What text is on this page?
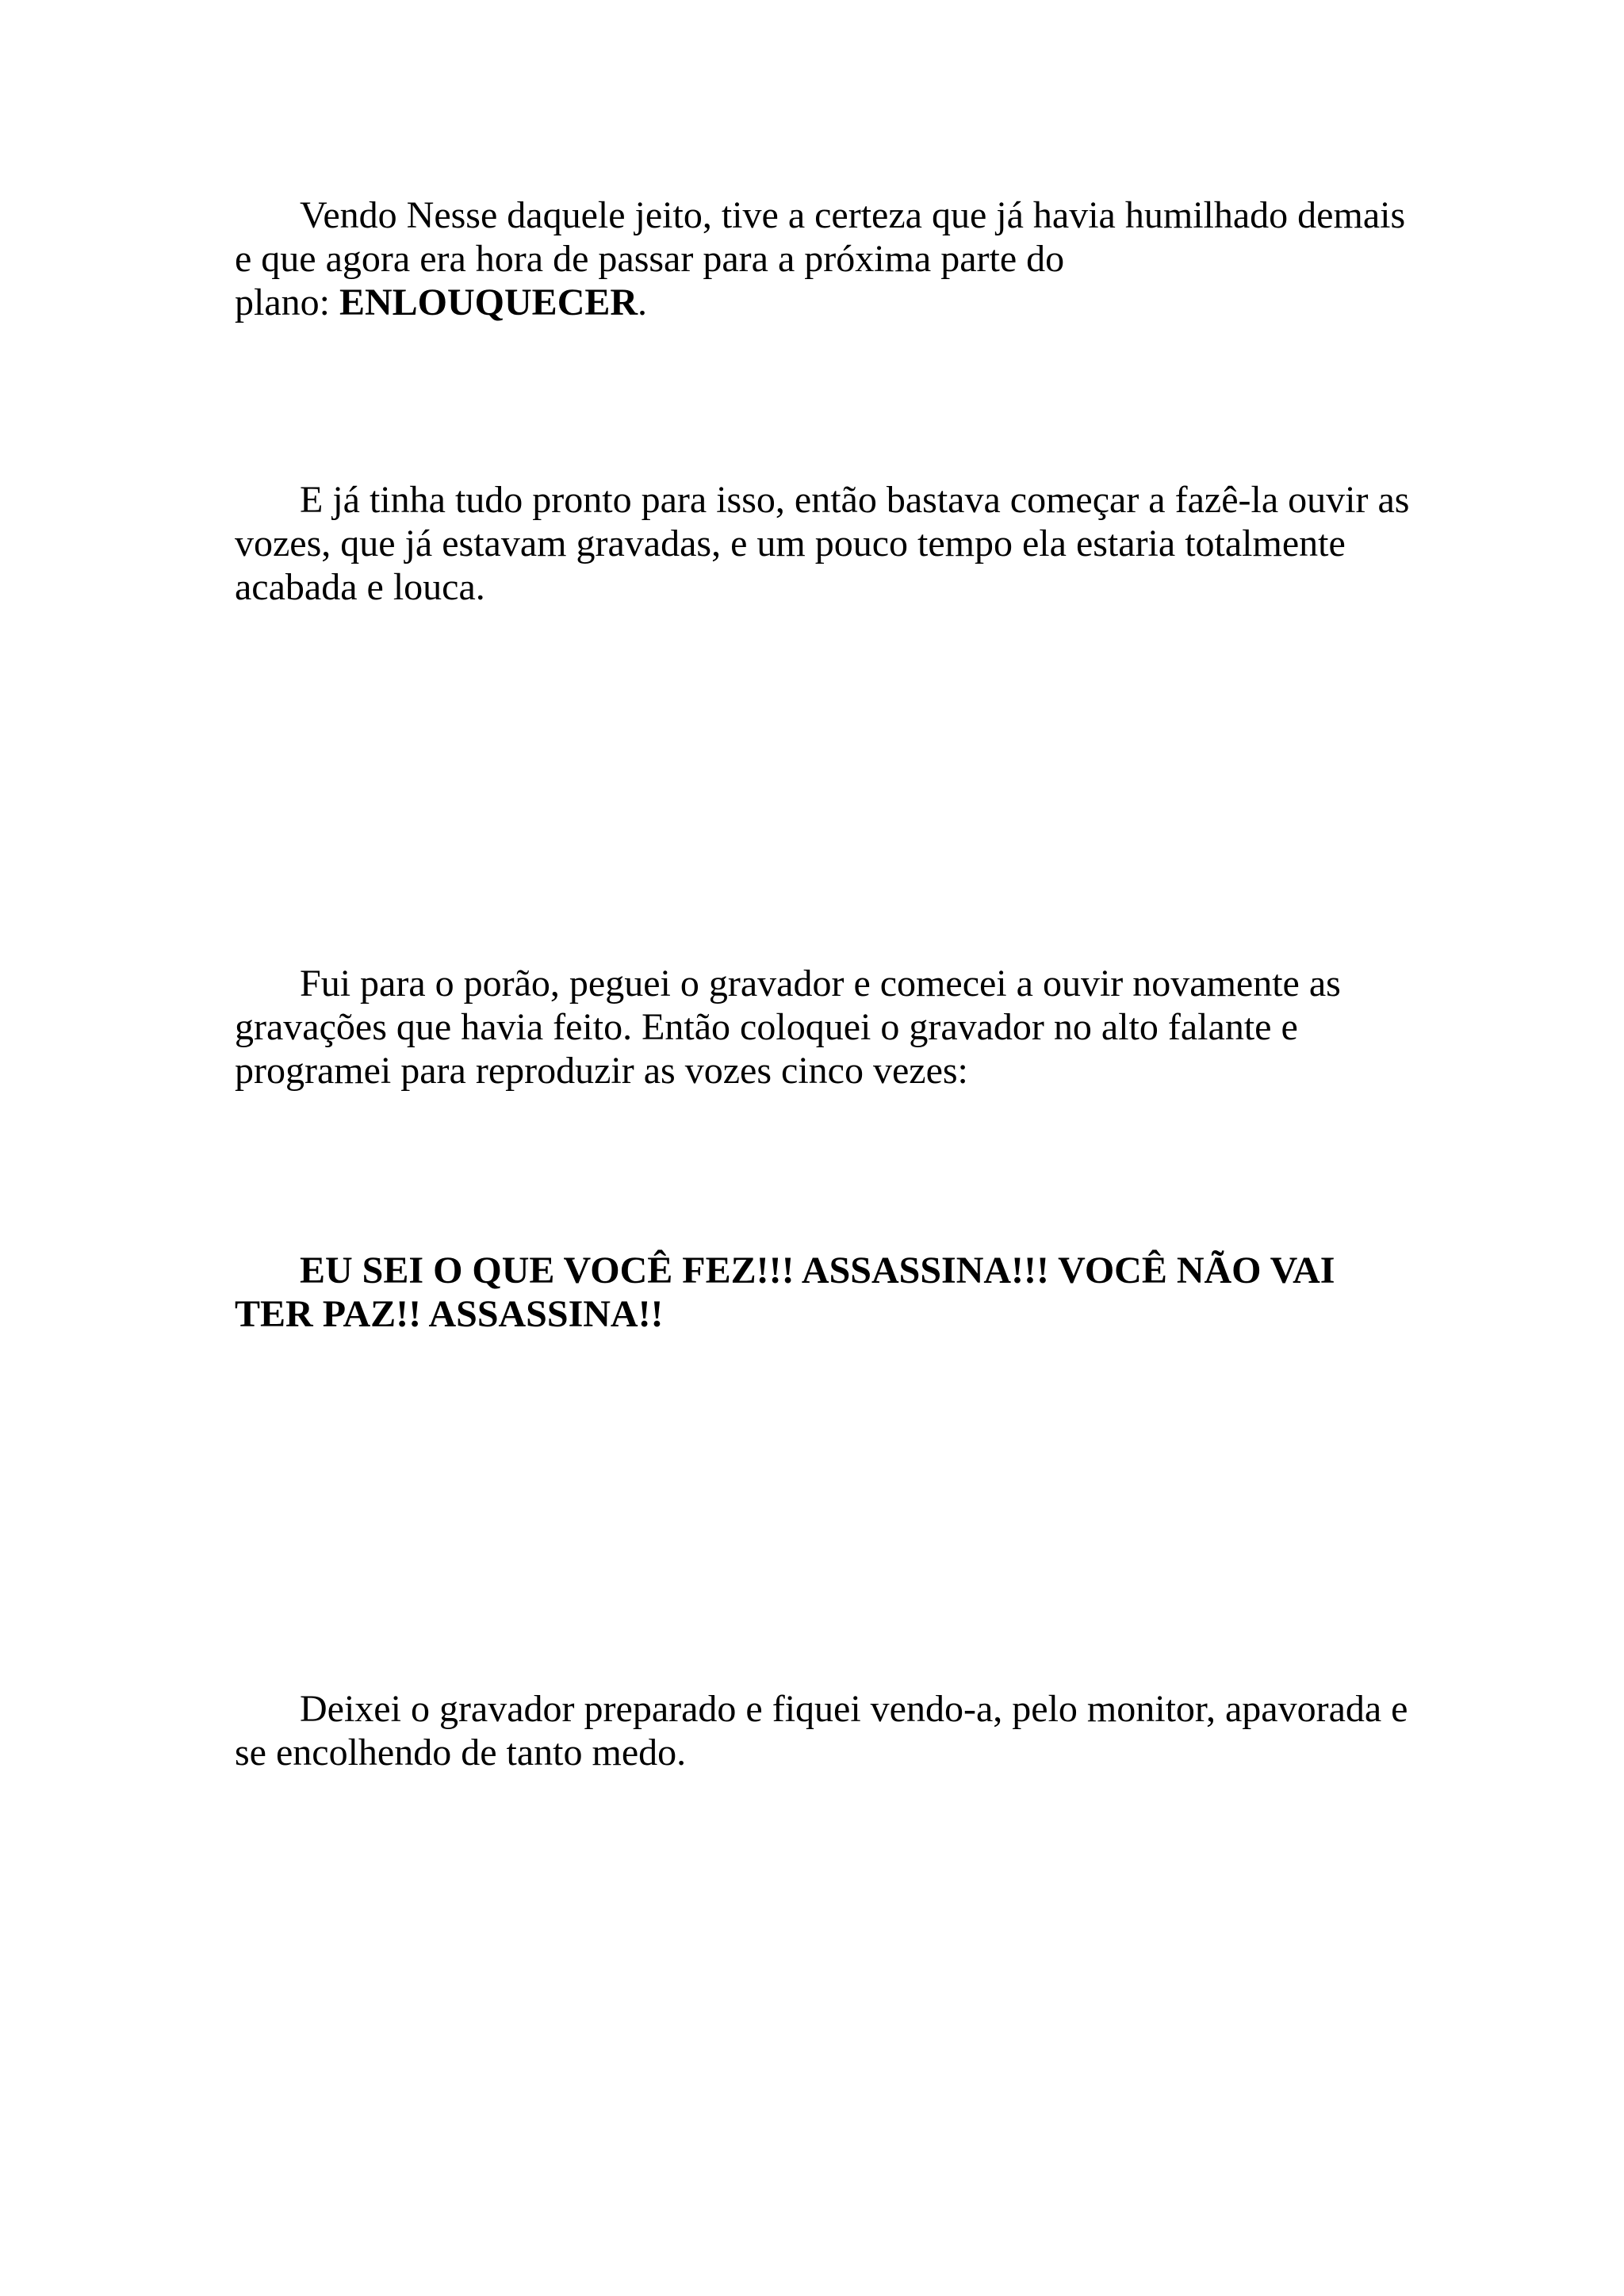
Vendo Nesse daquele jeito, tive a certeza que já havia humilhado demais
e que agora era hora de passar para a próxima parte do
plano: ENLOUQUECER.

E já tinha tudo pronto para isso, então bastava começar a fazê-la ouvir as
vozes, que já estavam gravadas, e um pouco tempo ela estaria totalmente
acabada e louca.

Fui para o porão, peguei o gravador e comecei a ouvir novamente as
gravações que havia feito. Então coloquei o gravador no alto falante e
programei para reproduzir as vozes cinco vezes:

EU SEI O QUE VOCÊ FEZ!!! ASSASSINA!!! VOCÊ NÃO VAI
TER PAZ!! ASSASSINA!!

Deixei o gravador preparado e fiquei vendo-a, pelo monitor, apavorada e
se encolhendo de tanto medo.
